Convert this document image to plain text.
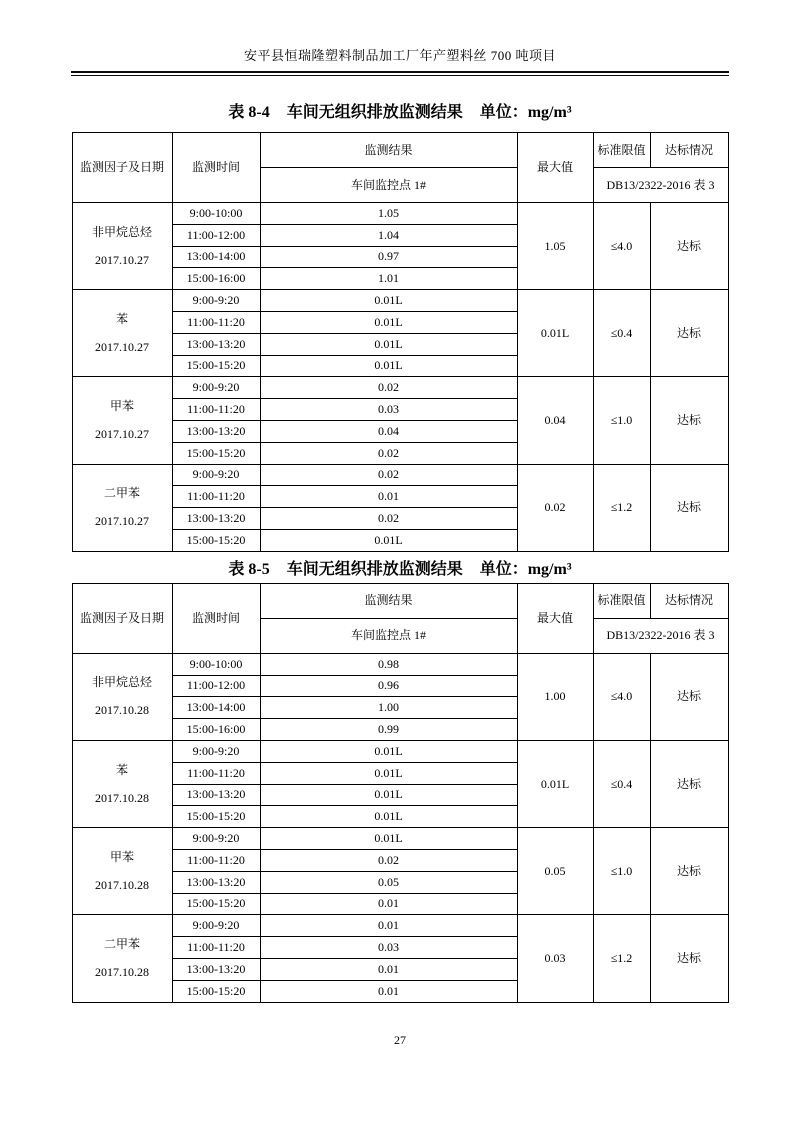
安平县恒瑞隆塑料制品加工厂年产塑料丝 700 吨项目
表 8-4 车间无组织排放监测结果 单位：mg/m³
监测因子及日期	监测时间	监测结果	最大值	标准限值	达标情况
		车间监控点 1#		DB13/2322-2016 表 3	

非甲烷总烃
2017.10.27	9:00-10:00	1.05	1.05	≤4.0	达标
	11:00-12:00	1.04			
	13:00-14:00	0.97			
	15:00-16:00	1.01			

苯
2017.10.27	9:00-9:20	0.01L	0.01L	≤0.4	达标
	11:00-11:20	0.01L			
	13:00-13:20	0.01L			
	15:00-15:20	0.01L			

甲苯
2017.10.27	9:00-9:20	0.02	0.04	≤1.0	达标
	11:00-11:20	0.03			
	13:00-13:20	0.04			
	15:00-15:20	0.02			

二甲苯
2017.10.27	9:00-9:20	0.02	0.02	≤1.2	达标
	11:00-11:20	0.01			
	13:00-13:20	0.02			
	15:00-15:20	0.01L			
表 8-5 车间无组织排放监测结果 单位：mg/m³
监测因子及日期	监测时间	监测结果	最大值	标准限值	达标情况
		车间监控点 1#		DB13/2322-2016 表 3	

非甲烷总烃
2017.10.28	9:00-10:00	0.98	1.00	≤4.0	达标
	11:00-12:00	0.96			
	13:00-14:00	1.00			
	15:00-16:00	0.99			

苯
2017.10.28	9:00-9:20	0.01L	0.01L	≤0.4	达标
	11:00-11:20	0.01L			
	13:00-13:20	0.01L			
	15:00-15:20	0.01L			

甲苯
2017.10.28	9:00-9:20	0.01L	0.05	≤1.0	达标
	11:00-11:20	0.02			
	13:00-13:20	0.05			
	15:00-15:20	0.01			

二甲苯
2017.10.28	9:00-9:20	0.01	0.03	≤1.2	达标
	11:00-11:20	0.03			
	13:00-13:20	0.01			
	15:00-15:20	0.01			
27
